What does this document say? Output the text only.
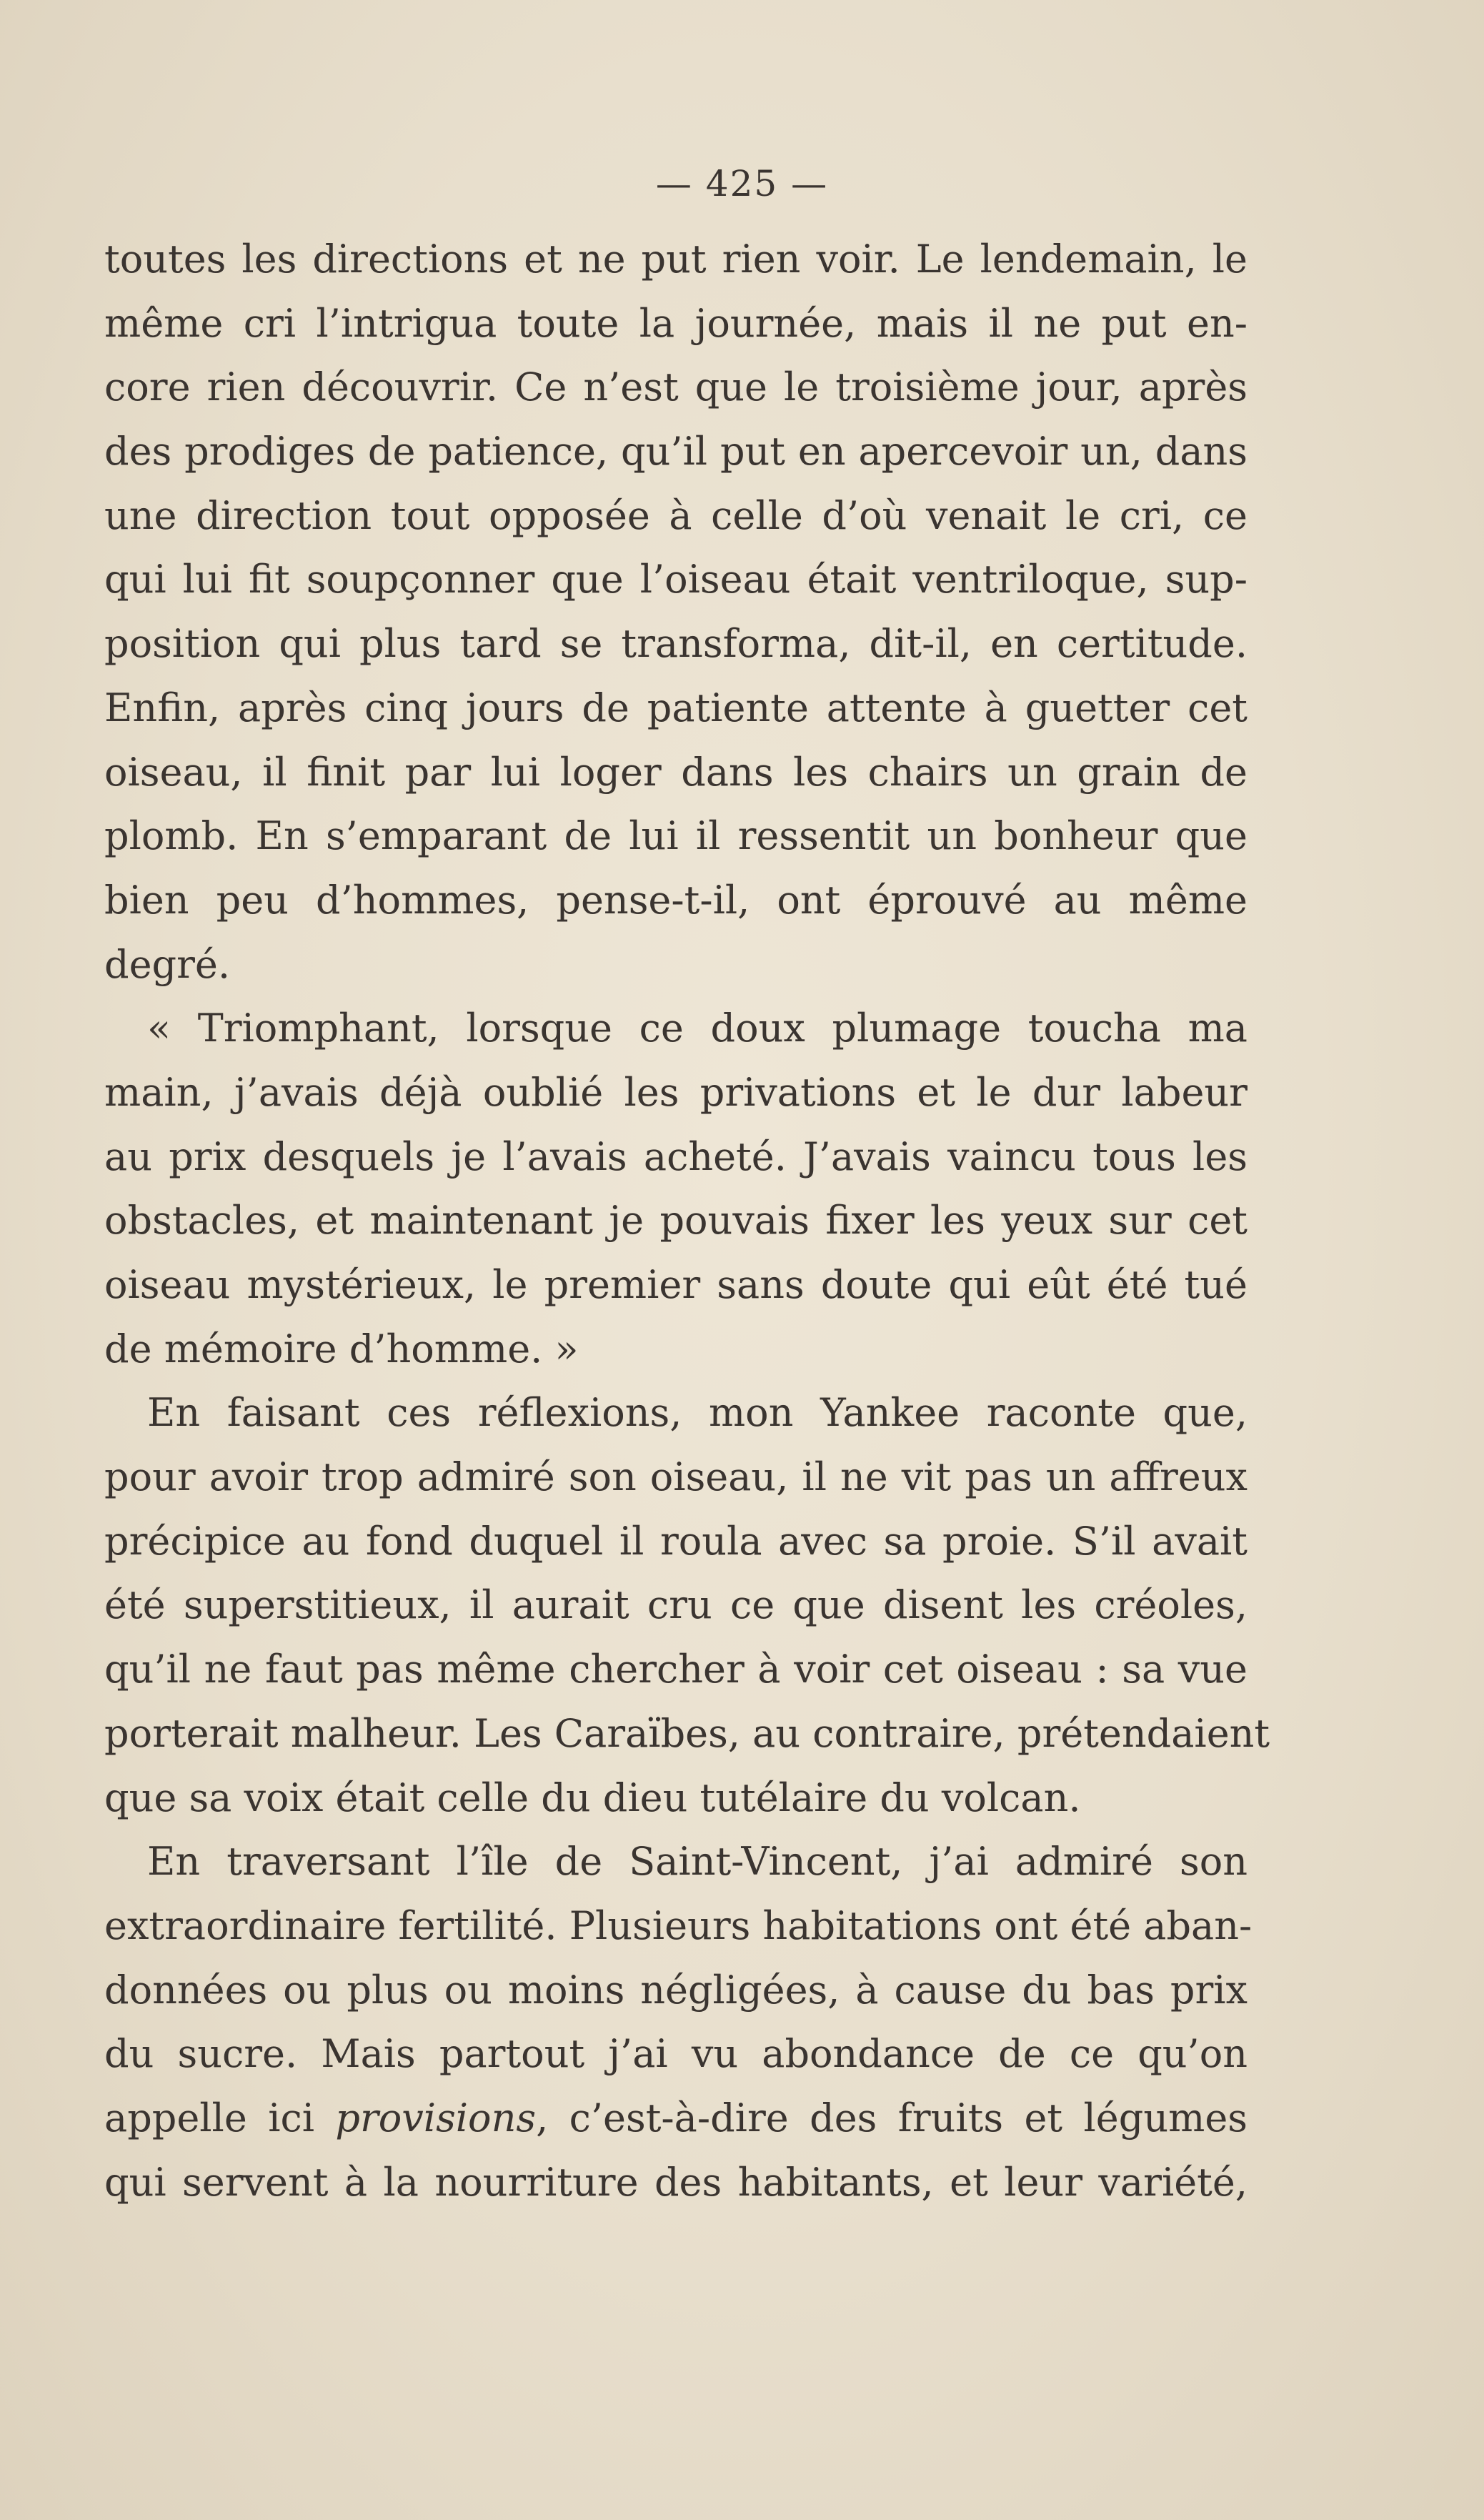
— 425 —
toutes les directions et ne put rien voir. Le lendemain, le
même cri l’intrigua toute la journée, mais il ne put en-
core rien découvrir. Ce n’est que le troisième jour, après
des prodiges de patience, qu’il put en apercevoir un, dans
une direction tout opposée à celle d’où venait le cri, ce
qui lui fit soupçonner que l’oiseau était ventriloque, sup-
position qui plus tard se transforma, dit-il, en certitude.
Enfin, après cinq jours de patiente attente à guetter cet
oiseau, il finit par lui loger dans les chairs un grain de
plomb. En s’emparant de lui il ressentit un bonheur que
bien peu d’hommes, pense-t-il, ont éprouvé au même
degré.
« Triomphant, lorsque ce doux plumage toucha ma
main, j’avais déjà oublié les privations et le dur labeur
au prix desquels je l’avais acheté. J’avais vaincu tous les
obstacles, et maintenant je pouvais fixer les yeux sur cet
oiseau mystérieux, le premier sans doute qui eût été tué
de mémoire d’homme. »
En faisant ces réflexions, mon Yankee raconte que,
pour avoir trop admiré son oiseau, il ne vit pas un affreux
précipice au fond duquel il roula avec sa proie. S’il avait
été superstitieux, il aurait cru ce que disent les créoles,
qu’il ne faut pas même chercher à voir cet oiseau : sa vue
porterait malheur. Les Caraïbes, au contraire, prétendaient
que sa voix était celle du dieu tutélaire du volcan.
En traversant l’île de Saint-Vincent, j’ai admiré son
extraordinaire fertilité. Plusieurs habitations ont été aban-
données ou plus ou moins négligées, à cause du bas prix
du sucre. Mais partout j’ai vu abondance de ce qu’on
appelle ici provisions, c’est-à-dire des fruits et légumes
qui servent à la nourriture des habitants, et leur variété,
